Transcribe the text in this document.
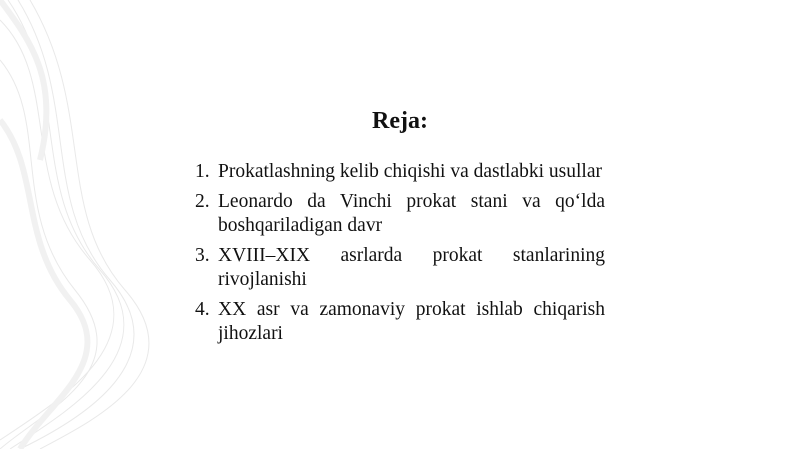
Reja:
1. Prokatlashning kelib chiqishi va dastlabki usullar
2. Leonardo da Vinchi prokat stani va qo‘lda boshqariladigan davr
3. XVIII–XIX asrlarda prokat stanlarining rivojlanishi
4. XX asr va zamonaviy prokat ishlab chiqarish jihozlari
